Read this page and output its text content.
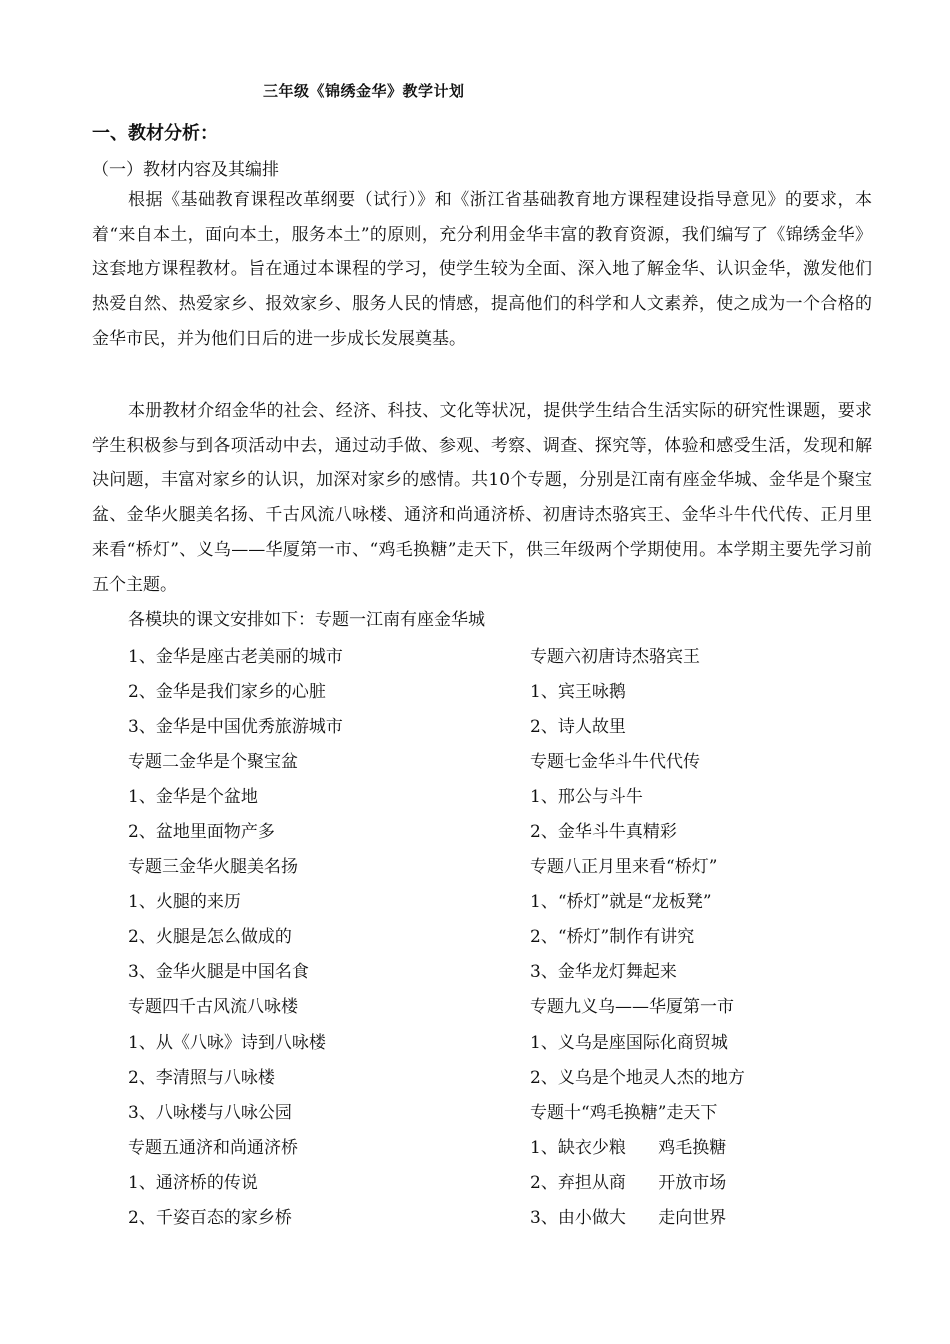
三年级《锦绣金华》教学计划
一、教材分析：
（一）教材内容及其编排

根据《基础教育课程改革纲要（试行）》和《浙江省基础教育地方课程建设指导意见》的要求，本着“来自本土，面向本土，服务本土”的原则，充分利用金华丰富的教育资源，我们编写了《锦绣金华》这套地方课程教材。旨在通过本课程的学习，使学生较为全面、深入地了解金华、认识金华，激发他们热爱自然、热爱家乡、报效家乡、服务人民的情感，提高他们的科学和人文素养，使之成为一个合格的金华市民，并为他们日后的进一步成长发展奠基。

本册教材介绍金华的社会、经济、科技、文化等状况，提供学生结合生活实际的研究性课题，要求学生积极参与到各项活动中去，通过动手做、参观、考察、调查、探究等，体验和感受生活，发现和解决问题，丰富对家乡的认识，加深对家乡的感情。共10个专题，分别是江南有座金华城、金华是个聚宝盆、金华火腿美名扬、千古风流八咏楼、通济和尚通济桥、初唐诗杰骆宾王、金华斗牛代代传、正月里来看“桥灯”、义乌——华厦第一市、“鸡毛换糖”走天下，供三年级两个学期使用。本学期主要先学习前五个主题。

各模块的课文安排如下：专题一江南有座金华城
1、金华是座古老美丽的城市
2、金华是我们家乡的心脏
3、金华是中国优秀旅游城市
专题二金华是个聚宝盆
1、金华是个盆地
2、盆地里面物产多
专题三金华火腿美名扬
1、火腿的来历
2、火腿是怎么做成的
3、金华火腿是中国名食
专题四千古风流八咏楼
1、从《八咏》诗到八咏楼
2、李清照与八咏楼
3、八咏楼与八咏公园
专题五通济和尚通济桥
1、通济桥的传说
2、千姿百态的家乡桥
专题六初唐诗杰骆宾王
1、宾王咏鹅
2、诗人故里
专题七金华斗牛代代传
1、邢公与斗牛
2、金华斗牛真精彩
专题八正月里来看“桥灯”
1、“桥灯”就是“龙板凳”
2、“桥灯”制作有讲究
3、金华龙灯舞起来
专题九义乌——华厦第一市
1、义乌是座国际化商贸城
2、义乌是个地灵人杰的地方
专题十“鸡毛换糖”走天下
1、缺衣少粮      鸡毛换糖
2、弃担从商      开放市场
3、由小做大      走向世界
